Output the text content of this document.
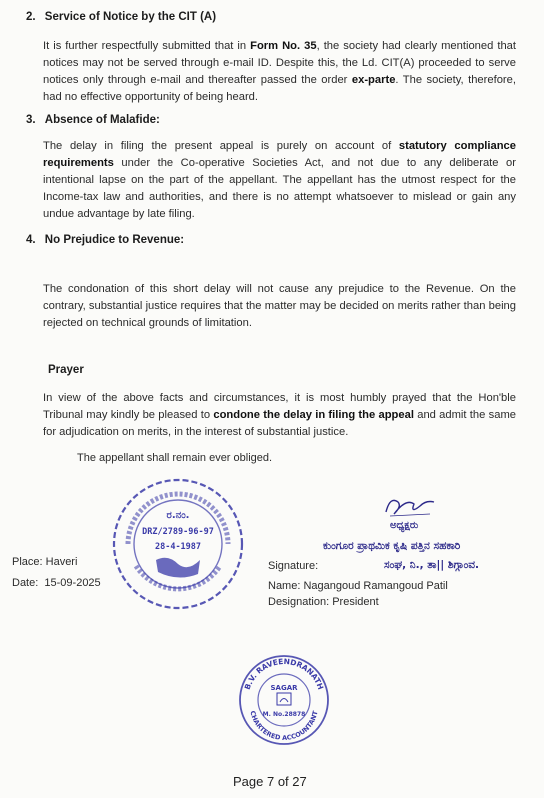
2. Service of Notice by the CIT (A)
It is further respectfully submitted that in Form No. 35, the society had clearly mentioned that notices may not be served through e-mail ID. Despite this, the Ld. CIT(A) proceeded to serve notices only through e-mail and thereafter passed the order ex-parte. The society, therefore, had no effective opportunity of being heard.
3. Absence of Malafide:
The delay in filing the present appeal is purely on account of statutory compliance requirements under the Co-operative Societies Act, and not due to any deliberate or intentional lapse on the part of the appellant. The appellant has the utmost respect for the Income-tax law and authorities, and there is no attempt whatsoever to mislead or gain any undue advantage by late filing.
4. No Prejudice to Revenue:
The condonation of this short delay will not cause any prejudice to the Revenue. On the contrary, substantial justice requires that the matter may be decided on merits rather than being rejected on technical grounds of limitation.
Prayer
In view of the above facts and circumstances, it is most humbly prayed that the Hon'ble Tribunal may kindly be pleased to condone the delay in filing the appeal and admit the same for adjudication on merits, in the interest of substantial justice.
The appellant shall remain ever obliged.
ರ.ನಂ.
DRZ/2789-96-97
28-4-1987
ಅಧ್ಯಕ್ಷರು
ಕುಂಗೂರ ಪ್ರಾಥಮಿಕ ಕೃಷಿ ಪತ್ತಿನ ಸಹಕಾರಿ
ಸಂಘ, ನಿ., ತಾ|| ಶಿಗ್ಗಾಂವ.
Place: Haveri
Date:  15-09-2025
Signature:
Name: Nagangoud Ramangoud Patil
Designation: President
B.V. RAVEENDRANATH
CHARTERED ACCOUNTANT
SAGAR
M. No.28878
Page 7 of 27
